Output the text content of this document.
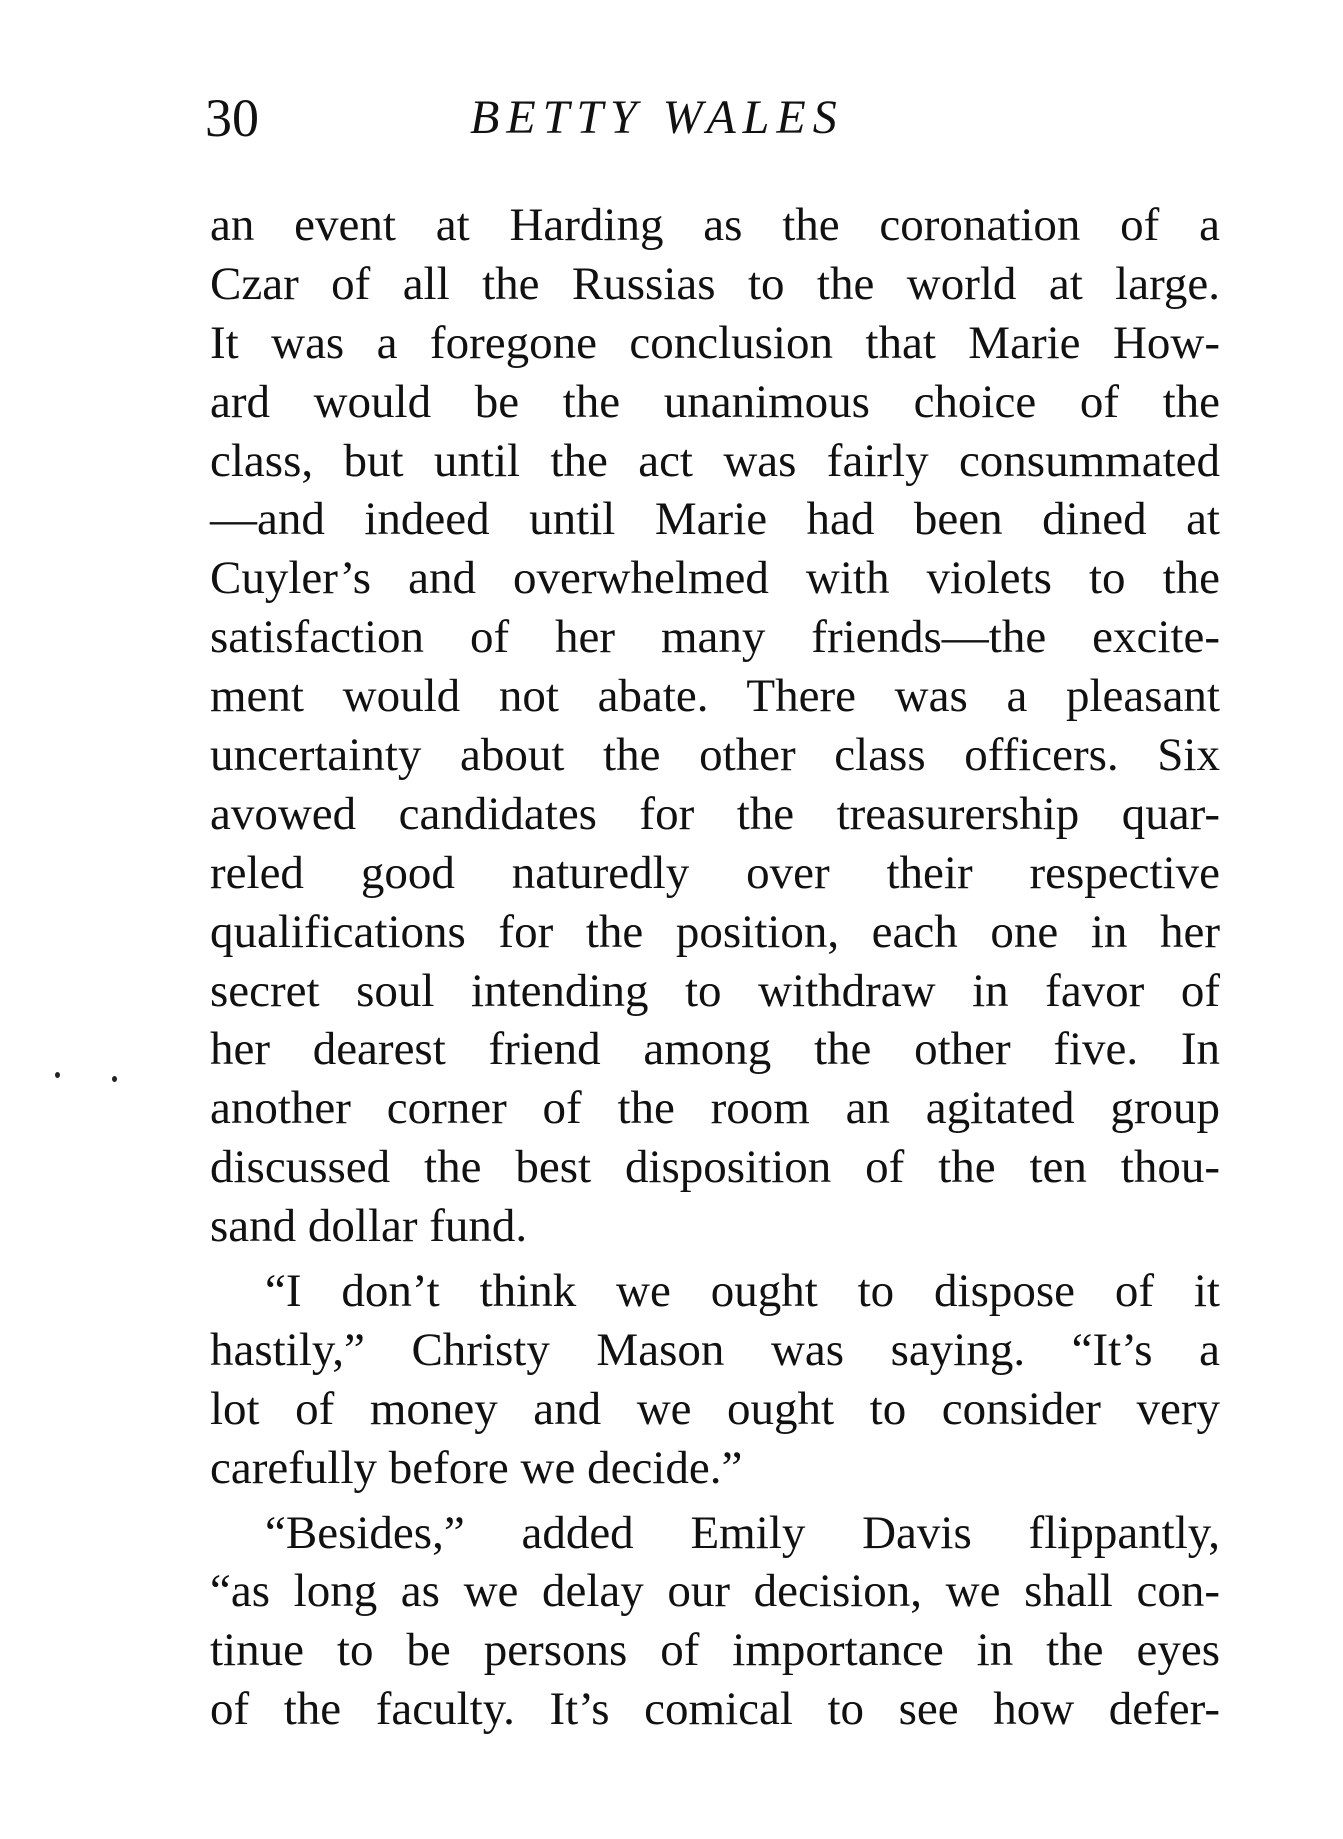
30	BETTY WALES
an event at Harding as the coronation of a
Czar of all the Russias to the world at large.
It was a foregone conclusion that Marie How-
ard would be the unanimous choice of the
class, but until the act was fairly consummated
—and indeed until Marie had been dined at
Cuyler’s and overwhelmed with violets to the
satisfaction of her many friends—the excite-
ment would not abate. There was a pleasant
uncertainty about the other class officers. Six
avowed candidates for the treasurership quar-
reled good naturedly over their respective
qualifications for the position, each one in her
secret soul intending to withdraw in favor of
her dearest friend among the other five. In
another corner of the room an agitated group
discussed the best disposition of the ten thou-
sand dollar fund.
“I don’t think we ought to dispose of it
hastily,” Christy Mason was saying. “It’s a
lot of money and we ought to consider very
carefully before we decide.”
“Besides,” added Emily Davis flippantly,
“as long as we delay our decision, we shall con-
tinue to be persons of importance in the eyes
of the faculty. It’s comical to see how defer-
